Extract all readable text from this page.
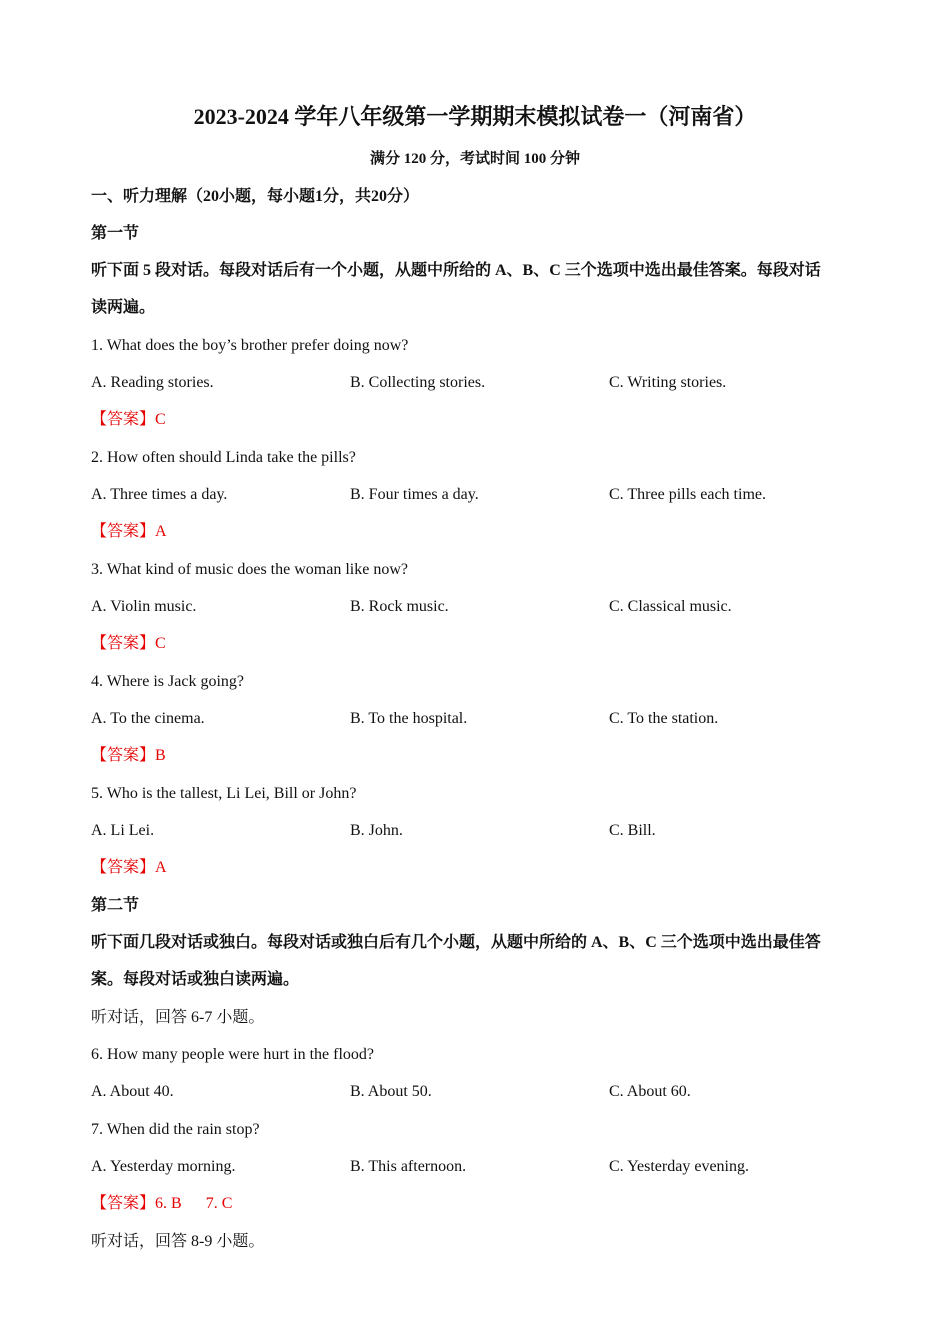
2023-2024 学年八年级第一学期期末模拟试卷一（河南省）
满分 120 分，考试时间 100 分钟
一、听力理解（20小题，每小题1分，共20分）
第一节
听下面 5 段对话。每段对话后有一个小题，从题中所给的 A、B、C 三个选项中选出最佳答案。每段对话
读两遍。
1. What does the boy’s brother prefer doing now?
A. Reading stories.	B. Collecting stories.	C. Writing stories.
【答案】C
2. How often should Linda take the pills?
A. Three times a day.	B. Four times a day.	C. Three pills each time.
【答案】A
3. What kind of music does the woman like now?
A. Violin music.	B. Rock music.	C. Classical music.
【答案】C
4. Where is Jack going?
A. To the cinema.	B. To the hospital.	C. To the station.
【答案】B
5. Who is the tallest, Li Lei, Bill or John?
A. Li Lei.	B. John.	C. Bill.
【答案】A
第二节
听下面几段对话或独白。每段对话或独白后有几个小题，从题中所给的 A、B、C 三个选项中选出最佳答
案。每段对话或独白读两遍。
听对话，回答 6-7 小题。
6. How many people were hurt in the flood?
A. About 40.	B. About 50.	C. About 60.
7. When did the rain stop?
A. Yesterday morning.	B. This afternoon.	C. Yesterday evening.
【答案】6. B 7. C
听对话，回答 8-9 小题。
